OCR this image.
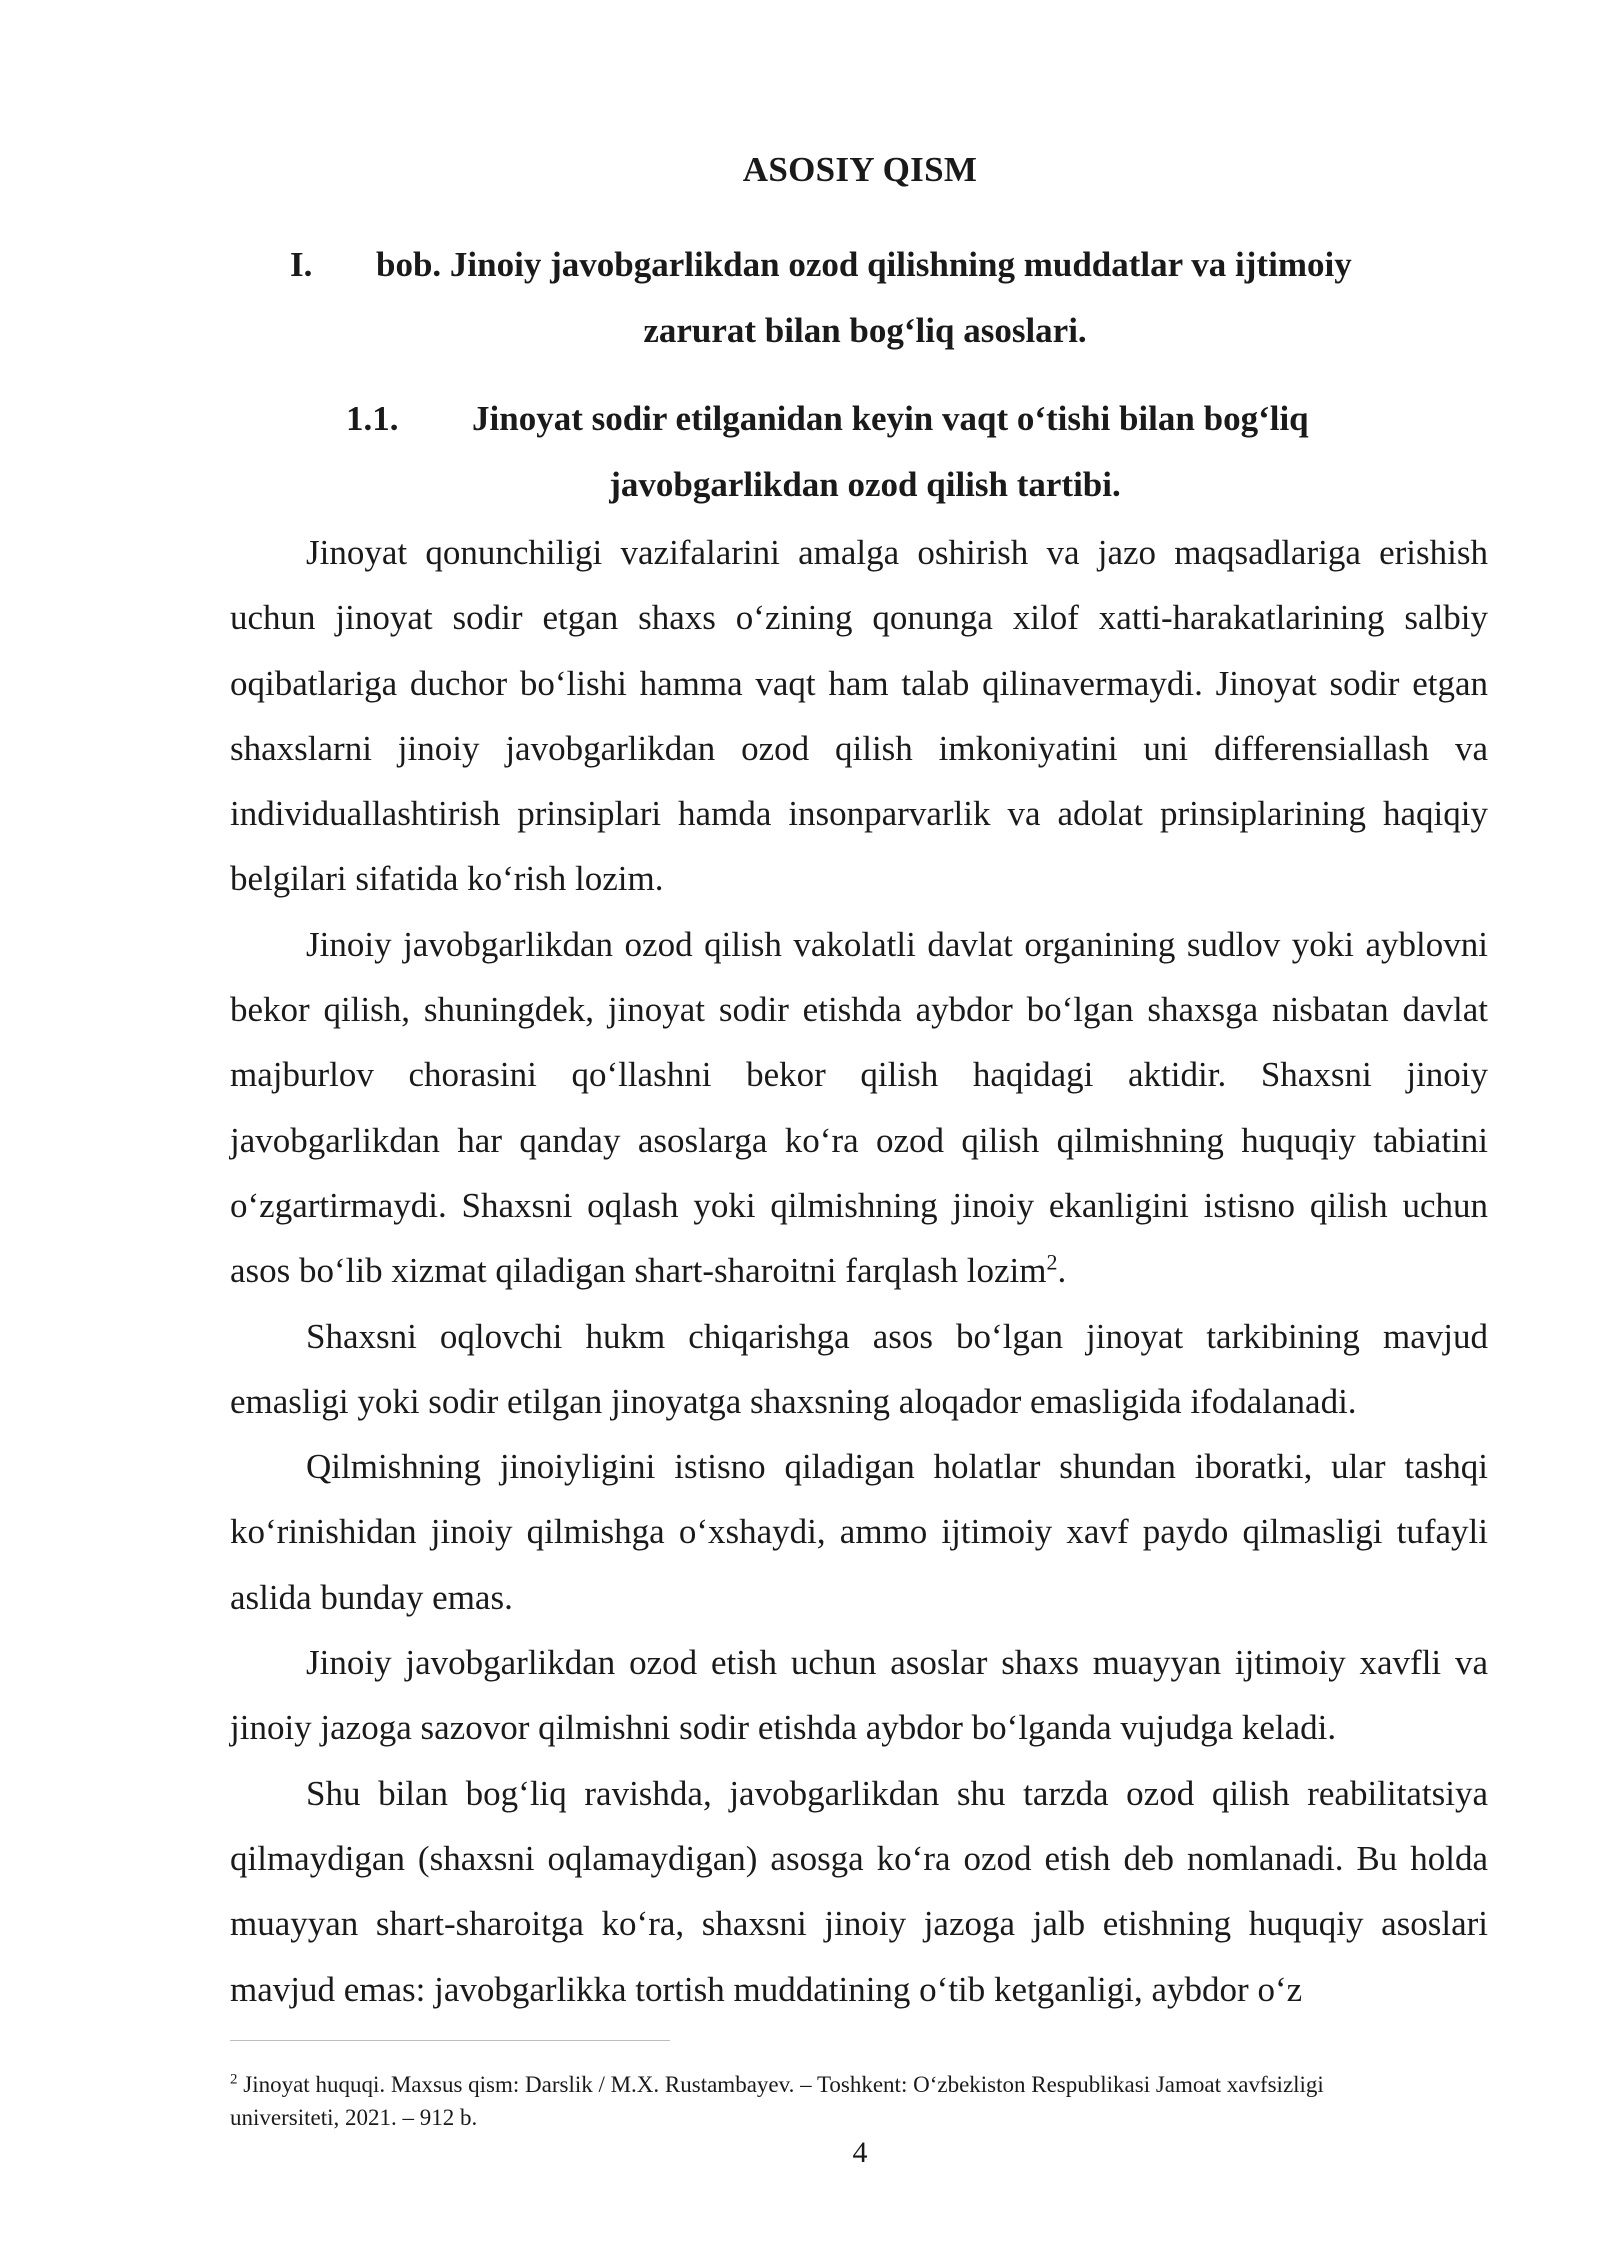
ASOSIY QISM
I. bob. Jinoiy javobgarlikdan ozod qilishning muddatlar va ijtimoiy
zarurat bilan bog‘liq asoslari.
1.1. Jinoyat sodir etilganidan keyin vaqt o‘tishi bilan bog‘liq
javobgarlikdan ozod qilish tartibi.

Jinoyat qonunchiligi vazifalarini amalga oshirish va jazo maqsadlariga erishish uchun jinoyat sodir etgan shaxs o‘zining qonunga xilof xatti-harakatlarining salbiy oqibatlariga duchor bo‘lishi hamma vaqt ham talab qilinavermaydi. Jinoyat sodir etgan shaxslarni jinoiy javobgarlikdan ozod qilish imkoniyatini uni differensiallash va individuallashtirish prinsiplari hamda insonparvarlik va adolat prinsiplarining haqiqiy belgilari sifatida ko‘rish lozim.

Jinoiy javobgarlikdan ozod qilish vakolatli davlat organining sudlov yoki ayblovni bekor qilish, shuningdek, jinoyat sodir etishda aybdor bo‘lgan shaxsga nisbatan davlat majburlov chorasini qo‘llashni bekor qilish haqidagi aktidir. Shaxsni jinoiy javobgarlikdan har qanday asoslarga ko‘ra ozod qilish qilmishning huquqiy tabiatini o‘zgartirmaydi. Shaxsni oqlash yoki qilmishning jinoiy ekanligini istisno qilish uchun asos bo‘lib xizmat qiladigan shart-sharoitni farqlash lozim$^2$.

Shaxsni oqlovchi hukm chiqarishga asos bo‘lgan jinoyat tarkibining mavjud emasligi yoki sodir etilgan jinoyatga shaxsning aloqador emasligida ifodalanadi.

Qilmishning jinoiyligini istisno qiladigan holatlar shundan iboratki, ular tashqi ko‘rinishidan jinoiy qilmishga o‘xshaydi, ammo ijtimoiy xavf paydo qilmasligi tufayli aslida bunday emas.

Jinoiy javobgarlikdan ozod etish uchun asoslar shaxs muayyan ijtimoiy xavfli va jinoiy jazoga sazovor qilmishni sodir etishda aybdor bo‘lganda vujudga keladi.

Shu bilan bog‘liq ravishda, javobgarlikdan shu tarzda ozod qilish reabilitatsiya qilmaydigan (shaxsni oqlamaydigan) asosga ko‘ra ozod etish deb nomlanadi. Bu holda muayyan shart-sharoitga ko‘ra, shaxsni jinoiy jazoga jalb etishning huquqiy asoslari mavjud emas: javobgarlikka tortish muddatining o‘tib ketganligi, aybdor o‘z

$^2$ Jinoyat huquqi. Maxsus qism: Darslik / M.X. Rustambayev. – Toshkent: O‘zbekiston Respublikasi Jamoat xavfsizligi universiteti, 2021. – 912 b.

4
